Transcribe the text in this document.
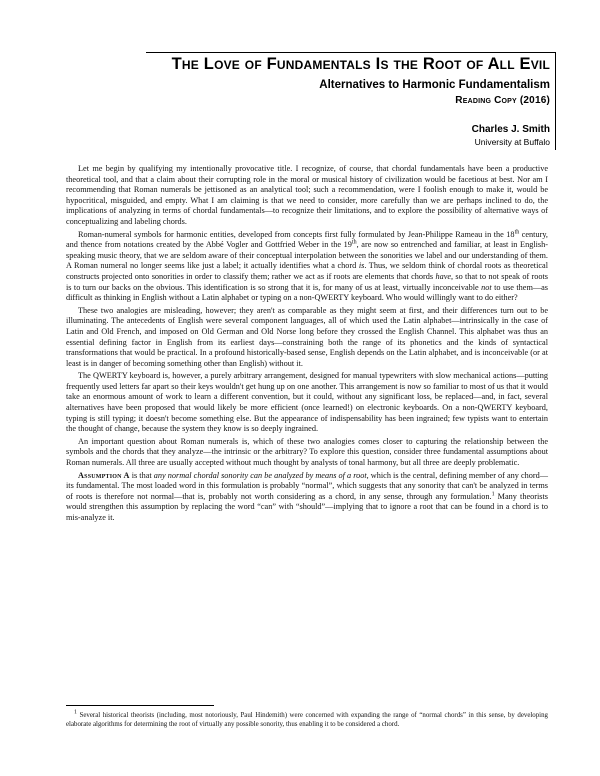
The Love of Fundamentals Is the Root of All Evil
Alternatives to Harmonic Fundamentalism
Reading Copy (2016)
Charles J. Smith
University at Buffalo

Let me begin by qualifying my intentionally provocative title. I recognize, of course, that chordal fundamentals have been a productive theoretical tool, and that a claim about their corrupting role in the moral or musical history of civilization would be facetious at best. Nor am I recommending that Roman numerals be jettisoned as an analytical tool; such a recommendation, were I foolish enough to make it, would be hypocritical, misguided, and empty. What I am claiming is that we need to consider, more carefully than we are perhaps inclined to do, the implications of analyzing in terms of chordal fundamentals—to recognize their limitations, and to explore the possibility of alternative ways of conceptualizing and labeling chords.

Roman-numeral symbols for harmonic entities, developed from concepts first fully formulated by Jean-Philippe Rameau in the 18th century, and thence from notations created by the Abbé Vogler and Gottfried Weber in the 19th, are now so entrenched and familiar, at least in English-speaking music theory, that we are seldom aware of their conceptual interpolation between the sonorities we label and our understanding of them. A Roman numeral no longer seems like just a label; it actually identifies what a chord is. Thus, we seldom think of chordal roots as theoretical constructs projected onto sonorities in order to classify them; rather we act as if roots are elements that chords have, so that to not speak of roots is to turn our backs on the obvious. This identification is so strong that it is, for many of us at least, virtually inconceivable not to use them—as difficult as thinking in English without a Latin alphabet or typing on a non-QWERTY keyboard. Who would willingly want to do either?

These two analogies are misleading, however; they aren't as comparable as they might seem at first, and their differences turn out to be illuminating. The antecedents of English were several component languages, all of which used the Latin alphabet—intrinsically in the case of Latin and Old French, and imposed on Old German and Old Norse long before they crossed the English Channel. This alphabet was thus an essential defining factor in English from its earliest days—constraining both the range of its phonetics and the kinds of syntactical transformations that would be practical. In a profound historically-based sense, English depends on the Latin alphabet, and is inconceivable (or at least is in danger of becoming something other than English) without it.

The QWERTY keyboard is, however, a purely arbitrary arrangement, designed for manual typewriters with slow mechanical actions—putting frequently used letters far apart so their keys wouldn't get hung up on one another. This arrangement is now so familiar to most of us that it would take an enormous amount of work to learn a different convention, but it could, without any significant loss, be replaced—and, in fact, several alternatives have been proposed that would likely be more efficient (once learned!) on electronic keyboards. On a non-QWERTY keyboard, typing is still typing; it doesn't become something else. But the appearance of indispensability has been ingrained; few typists want to entertain the thought of change, because the system they know is so deeply ingrained.

An important question about Roman numerals is, which of these two analogies comes closer to capturing the relationship between the symbols and the chords that they analyze—the intrinsic or the arbitrary? To explore this question, consider three fundamental assumptions about Roman numerals. All three are usually accepted without much thought by analysts of tonal harmony, but all three are deeply problematic.

Assumption A is that any normal chordal sonority can be analyzed by means of a root, which is the central, defining member of any chord—its fundamental. The most loaded word in this formulation is probably “normal”, which suggests that any sonority that can't be analyzed in terms of roots is therefore not normal—that is, probably not worth considering as a chord, in any sense, through any formulation.$^1$ Many theorists would strengthen this assumption by replacing the word “can” with “should”—implying that to ignore a root that can be found in a chord is to mis-analyze it.

$^1$ Several historical theorists (including, most notoriously, Paul Hindemith) were concerned with expanding the range of “normal chords” in this sense, by developing elaborate algorithms for determining the root of virtually any possible sonority, thus enabling it to be considered a chord.
